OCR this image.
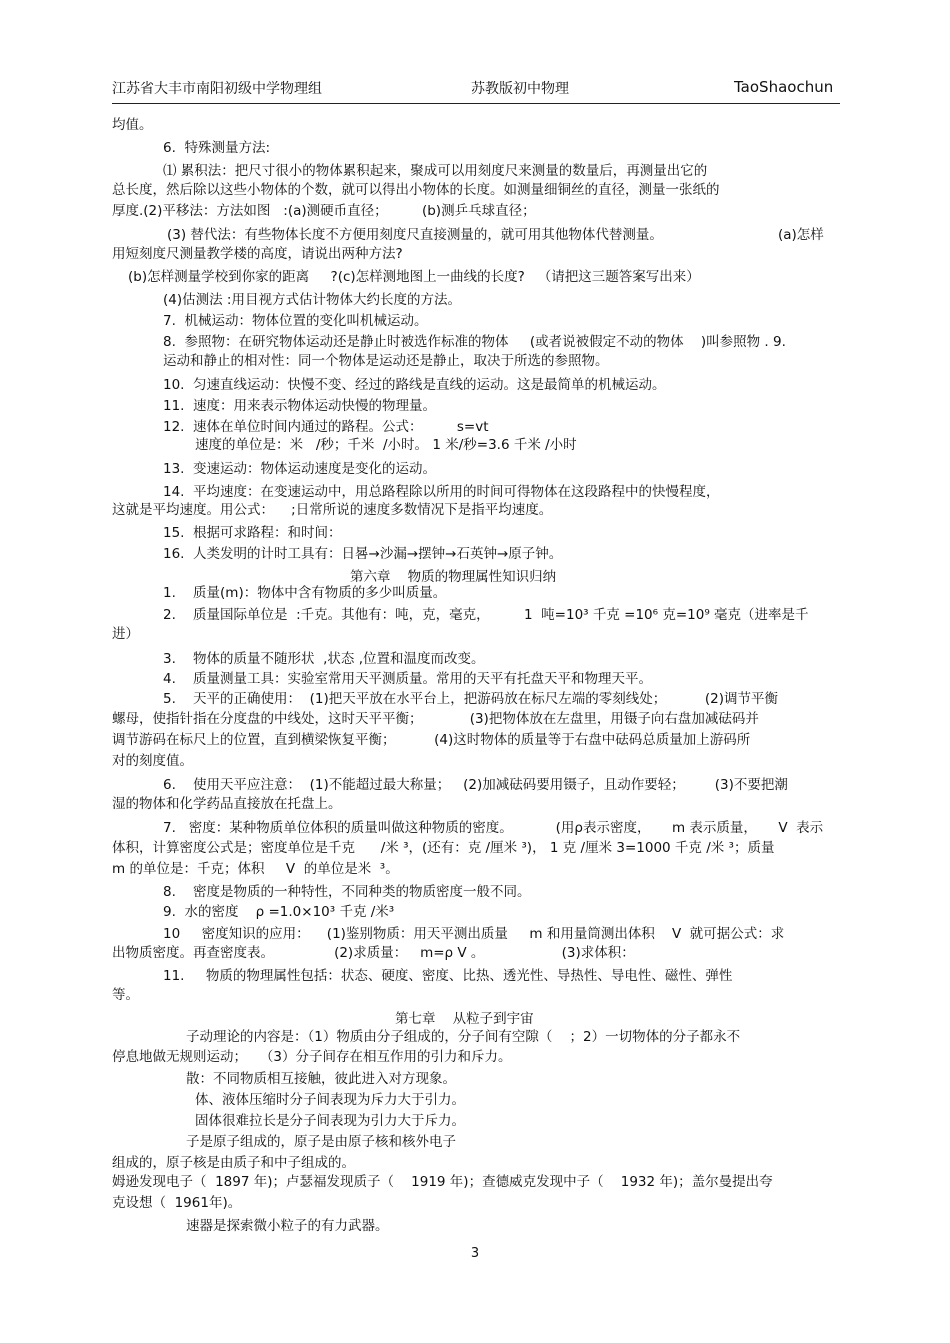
江苏省大丰市南阳初级中学物理组	苏教版初中物理	TaoShaochun
均值。
6.  特殊测量方法:
⑴ 累积法：把尺寸很小的物体累积起来，聚成可以用刻度尺来测量的数量后，再测量出它的
总长度，然后除以这些小物体的个数，就可以得出小物体的长度。如测量细铜丝的直径，测量一张纸的
厚度.(2)平移法：方法如图   :(a)测硬币直径；        (b)测乒乓球直径；
(3) 替代法：有些物体长度不方便用刻度尺直接测量的，就可用其他物体代替测量。	(a)怎样
用短刻度尺测量教学楼的高度，请说出两种方法?
(b)怎样测量学校到你家的距离     ?(c)怎样测地图上一曲线的长度?   （请把这三题答案写出来）
(4)估测法 :用目视方式估计物体大约长度的方法。
7.  机械运动：物体位置的变化叫机械运动。
8.  参照物：在研究物体运动还是静止时被选作标准的物体     (或者说被假定不动的物体    )叫参照物 . 9.
运动和静止的相对性：同一个物体是运动还是静止，取决于所选的参照物。
10.  匀速直线运动：快慢不变、经过的路线是直线的运动。这是最简单的机械运动。
11.  速度：用来表示物体运动快慢的物理量。
12.  速体在单位时间内通过的路程。公式：        s=vt
速度的单位是：米   /秒；千米  /小时。 1 米/秒=3.6 千米 /小时
13.  变速运动：物体运动速度是变化的运动。
14.  平均速度：在变速运动中，用总路程除以所用的时间可得物体在这段路程中的快慢程度，
这就是平均速度。用公式：    ;日常所说的速度多数情况下是指平均速度。
15.  根据可求路程：和时间：
16.  人类发明的计时工具有：日晷→沙漏→摆钟→石英钟→原子钟。
第六章    物质的物理属性知识归纳
1.    质量(m)：物体中含有物质的多少叫质量。
2.    质量国际单位是  :千克。其他有：吨，克，毫克，        1  吨=10³ 千克 =10⁶ 克=10⁹ 毫克（进率是千
进）
3.    物体的质量不随形状  ,状态 ,位置和温度而改变。
4.    质量测量工具：实验室常用天平测质量。常用的天平有托盘天平和物理天平。
5.    天平的正确使用：  (1)把天平放在水平台上，把游码放在标尺左端的零刻线处；         (2)调节平衡
螺母，使指针指在分度盘的中线处，这时天平平衡；           (3)把物体放在左盘里，用镊子向右盘加减砝码并
调节游码在标尺上的位置，直到横梁恢复平衡；         (4)这时物体的质量等于右盘中砝码总质量加上游码所
对的刻度值。
6.    使用天平应注意：  (1)不能超过最大称量；   (2)加减砝码要用镊子，且动作要轻；       (3)不要把潮
湿的物体和化学药品直接放在托盘上。
7.   密度：某种物质单位体积的质量叫做这种物质的密度。          (用ρ表示密度，     m 表示质量，     V  表示
体积，计算密度公式是；密度单位是千克      /米 ³，(还有：克 /厘米 ³)， 1 克 /厘米 3=1000 千克 /米 ³；质量
m 的单位是：千克；体积     V  的单位是米  ³。
8.    密度是物质的一种特性，不同种类的物质密度一般不同。
9.  水的密度    ρ =1.0×10³ 千克 /米³
10     密度知识的应用：    (1)鉴别物质：用天平测出质量     m 和用量筒测出体积    V  就可据公式：求
出物质密度。再查密度表。              (2)求质量：   m=ρ V 。                  (3)求体积：
11.     物质的物理属性包括：状态、硬度、密度、比热、透光性、导热性、导电性、磁性、弹性
等。
第七章    从粒子到宇宙
子动理论的内容是：（1）物质由分子组成的，分子间有空隙（    ；2）一切物体的分子都永不
停息地做无规则运动；   （3）分子间存在相互作用的引力和斥力。
散：不同物质相互接触，彼此进入对方现象。
体、液体压缩时分子间表现为斥力大于引力。
固体很难拉长是分子间表现为引力大于斥力。
子是原子组成的，原子是由原子核和核外电子
组成的，原子核是由质子和中子组成的。
姆逊发现电子（  1897 年)；卢瑟福发现质子（    1919 年)；查德威克发现中子（    1932 年)；盖尔曼提出夸
克设想（  1961年)。
速器是探索微小粒子的有力武器。
3
